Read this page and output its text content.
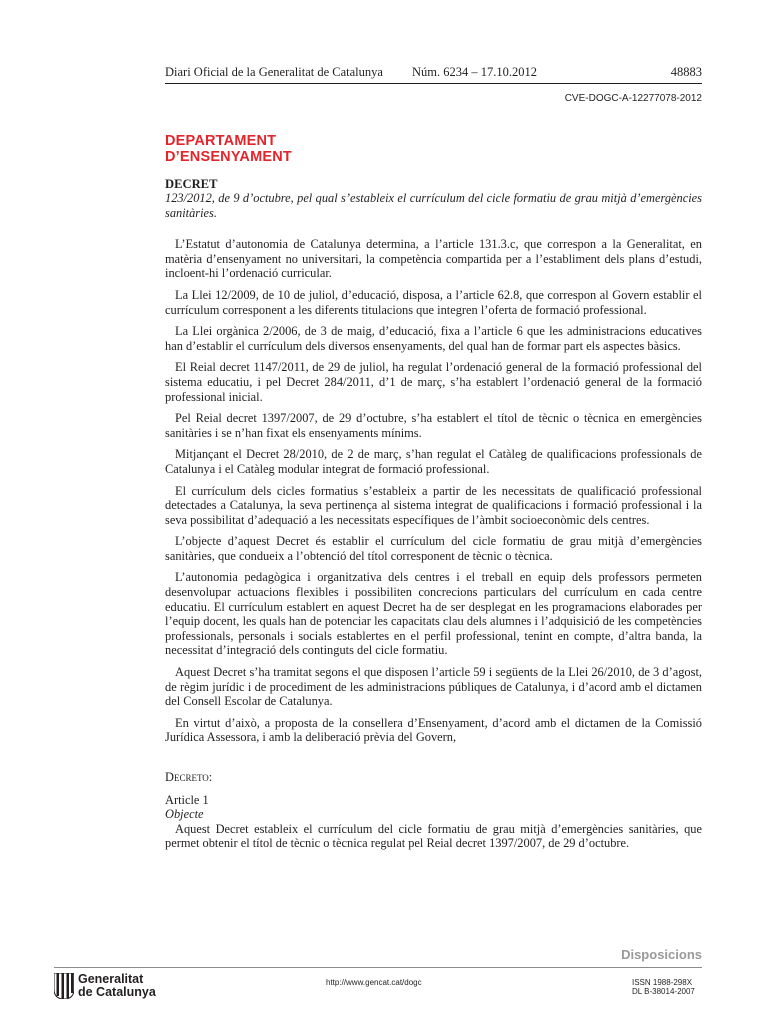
Diari Oficial de la Generalitat de Catalunya Núm. 6234 – 17.10.2012	48883
CVE-DOGC-A-12277078-2012
DEPARTAMENT
D’ENSENYAMENT

DECRET

123/2012, de 9 d’octubre, pel qual s’estableix el currículum del cicle formatiu de grau mitjà d’emergències sanitàries.

L’Estatut d’autonomia de Catalunya determina, a l’article 131.3.c, que correspon a la Generalitat, en matèria d’ensenyament no universitari, la competència compartida per a l’establiment dels plans d’estudi, incloent-hi l’ordenació curricular.

La Llei 12/2009, de 10 de juliol, d’educació, disposa, a l’article 62.8, que correspon al Govern establir el currículum corresponent a les diferents titulacions que integren l’oferta de formació professional.

La Llei orgànica 2/2006, de 3 de maig, d’educació, fixa a l’article 6 que les administracions educatives han d’establir el currículum dels diversos ensenyaments, del qual han de formar part els aspectes bàsics.

El Reial decret 1147/2011, de 29 de juliol, ha regulat l’ordenació general de la formació professional del sistema educatiu, i pel Decret 284/2011, d’1 de març, s’ha establert l’ordenació general de la formació professional inicial.

Pel Reial decret 1397/2007, de 29 d’octubre, s’ha establert el títol de tècnic o tècnica en emergències sanitàries i se n’han fixat els ensenyaments mínims.

Mitjançant el Decret 28/2010, de 2 de març, s’han regulat el Catàleg de qualificacions professionals de Catalunya i el Catàleg modular integrat de formació professional.

El currículum dels cicles formatius s’estableix a partir de les necessitats de qualificació professional detectades a Catalunya, la seva pertinença al sistema integrat de qualificacions i formació professional i la seva possibilitat d’adequació a les necessitats específiques de l’àmbit socioeconòmic dels centres.

L’objecte d’aquest Decret és establir el currículum del cicle formatiu de grau mitjà d’emergències sanitàries, que condueix a l’obtenció del títol corresponent de tècnic o tècnica.

L’autonomia pedagògica i organitzativa dels centres i el treball en equip dels professors permeten desenvolupar actuacions flexibles i possibiliten concrecions particulars del currículum en cada centre educatiu. El currículum establert en aquest Decret ha de ser desplegat en les programacions elaborades per l’equip docent, les quals han de potenciar les capacitats clau dels alumnes i l’adquisició de les competències professionals, personals i socials establertes en el perfil professional, tenint en compte, d’altra banda, la necessitat d’integració dels continguts del cicle formatiu.

Aquest Decret s’ha tramitat segons el que disposen l’article 59 i següents de la Llei 26/2010, de 3 d’agost, de règim jurídic i de procediment de les administracions públiques de Catalunya, i d’acord amb el dictamen del Consell Escolar de Catalunya.

En virtut d’això, a proposta de la consellera d’Ensenyament, d’acord amb el dictamen de la Comissió Jurídica Assessora, i amb la deliberació prèvia del Govern,

Decreto:

Article 1

Objecte

Aquest Decret estableix el currículum del cicle formatiu de grau mitjà d’emergències sanitàries, que permet obtenir el títol de tècnic o tècnica regulat pel Reial decret 1397/2007, de 29 d’octubre.

Disposicions
Generalitat
de Catalunya
http://www.gencat.cat/dogc	ISSN 1988-298X
DL B-38014-2007
